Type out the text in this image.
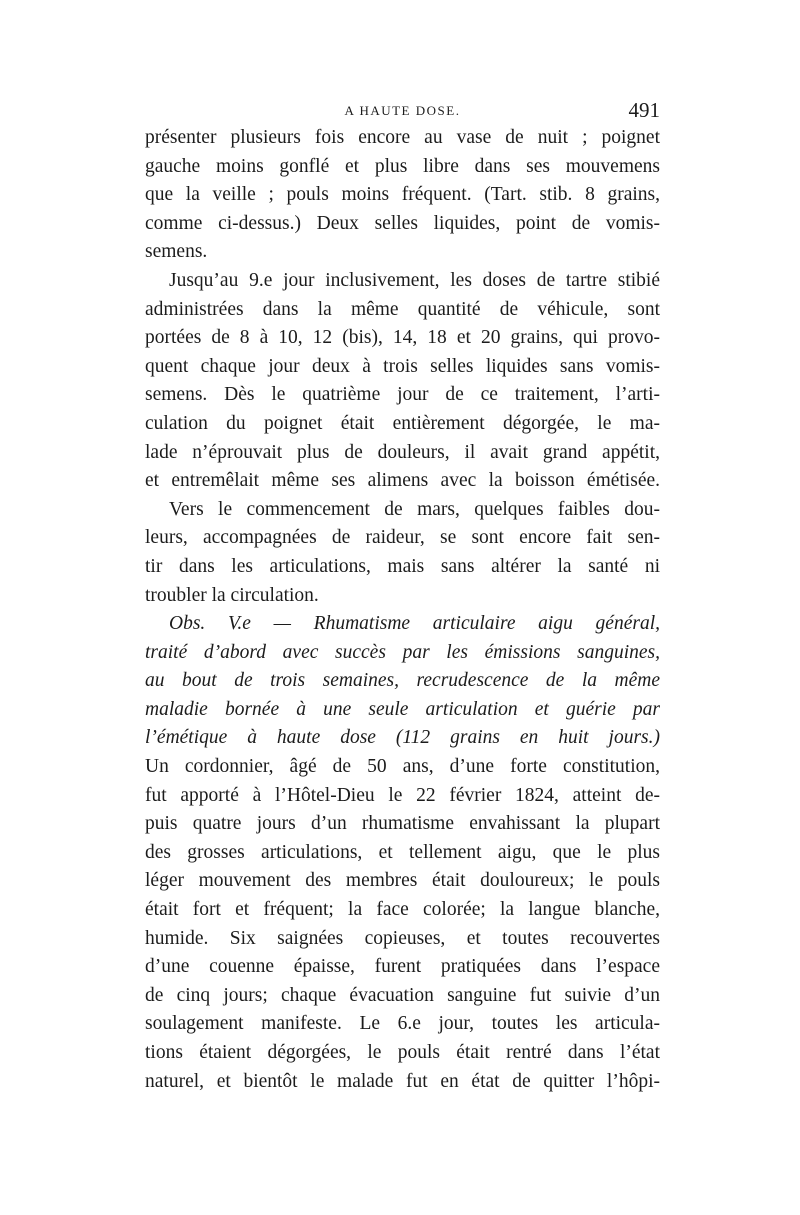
A HAUTE DOSE.	491
présenter plusieurs fois encore au vase de nuit ; poignet
gauche moins gonflé et plus libre dans ses mouvemens
que la veille ; pouls moins fréquent. (Tart. stib. 8 grains,
comme ci-dessus.) Deux selles liquides, point de vomis-
semens.
Jusqu’au 9.e jour inclusivement, les doses de tartre stibié
administrées dans la même quantité de véhicule, sont
portées de 8 à 10, 12 (bis), 14, 18 et 20 grains, qui provo-
quent chaque jour deux à trois selles liquides sans vomis-
semens. Dès le quatrième jour de ce traitement, l’arti-
culation du poignet était entièrement dégorgée, le ma-
lade n’éprouvait plus de douleurs, il avait grand appétit,
et entremêlait même ses alimens avec la boisson émétisée.
Vers le commencement de mars, quelques faibles dou-
leurs, accompagnées de raideur, se sont encore fait sen-
tir dans les articulations, mais sans altérer la santé ni
troubler la circulation.
Obs. V.e — Rhumatisme articulaire aigu général,
traité d’abord avec succès par les émissions sanguines,
au bout de trois semaines, recrudescence de la même
maladie bornée à une seule articulation et guérie par
l’émétique à haute dose (112 grains en huit jours.)
Un cordonnier, âgé de 50 ans, d’une forte constitution,
fut apporté à l’Hôtel-Dieu le 22 février 1824, atteint de-
puis quatre jours d’un rhumatisme envahissant la plupart
des grosses articulations, et tellement aigu, que le plus
léger mouvement des membres était douloureux; le pouls
était fort et fréquent; la face colorée; la langue blanche,
humide. Six saignées copieuses, et toutes recouvertes
d’une couenne épaisse, furent pratiquées dans l’espace
de cinq jours; chaque évacuation sanguine fut suivie d’un
soulagement manifeste. Le 6.e jour, toutes les articula-
tions étaient dégorgées, le pouls était rentré dans l’état
naturel, et bientôt le malade fut en état de quitter l’hôpi-
